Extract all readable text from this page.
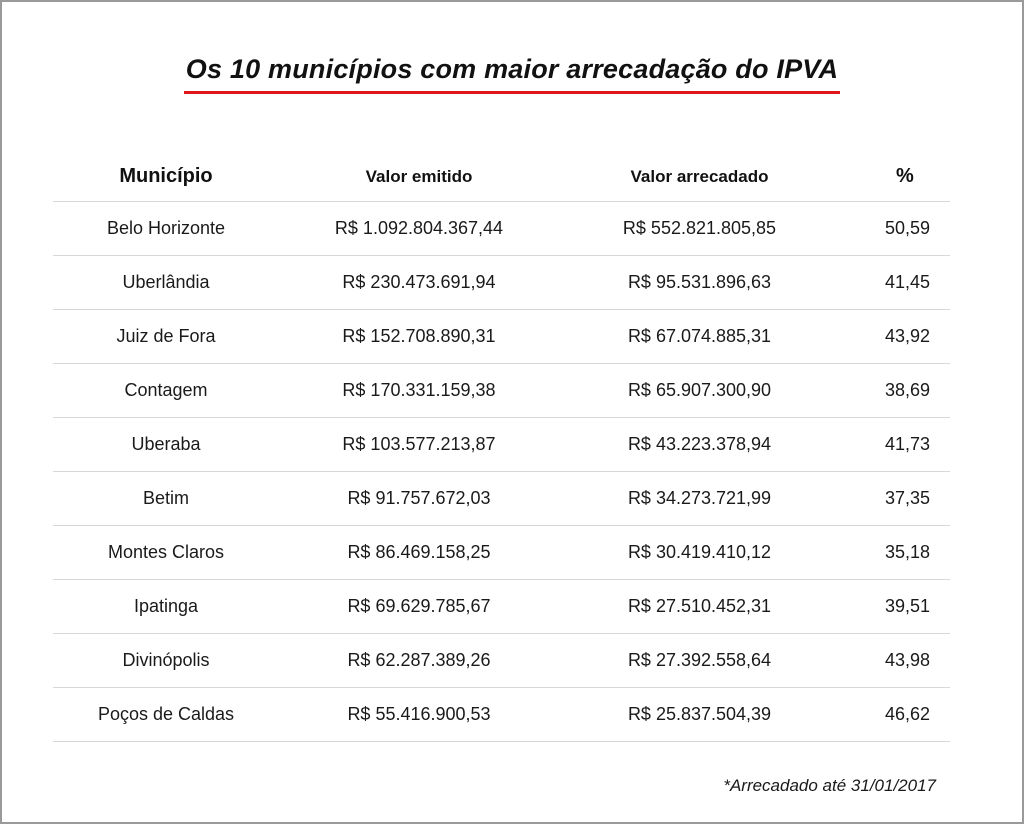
Os 10 municípios com maior arrecadação do IPVA
Município	Valor emitido	Valor arrecadado	%
Belo Horizonte	R$ 1.092.804.367,44	R$ 552.821.805,85	50,59
Uberlândia	R$ 230.473.691,94	R$ 95.531.896,63	41,45
Juiz de Fora	R$ 152.708.890,31	R$ 67.074.885,31	43,92
Contagem	R$ 170.331.159,38	R$ 65.907.300,90	38,69
Uberaba	R$ 103.577.213,87	R$ 43.223.378,94	41,73
Betim	R$ 91.757.672,03	R$ 34.273.721,99	37,35
Montes Claros	R$ 86.469.158,25	R$ 30.419.410,12	35,18
Ipatinga	R$ 69.629.785,67	R$ 27.510.452,31	39,51
Divinópolis	R$ 62.287.389,26	R$ 27.392.558,64	43,98
Poços de Caldas	R$ 55.416.900,53	R$ 25.837.504,39	46,62
*Arrecadado até 31/01/2017
